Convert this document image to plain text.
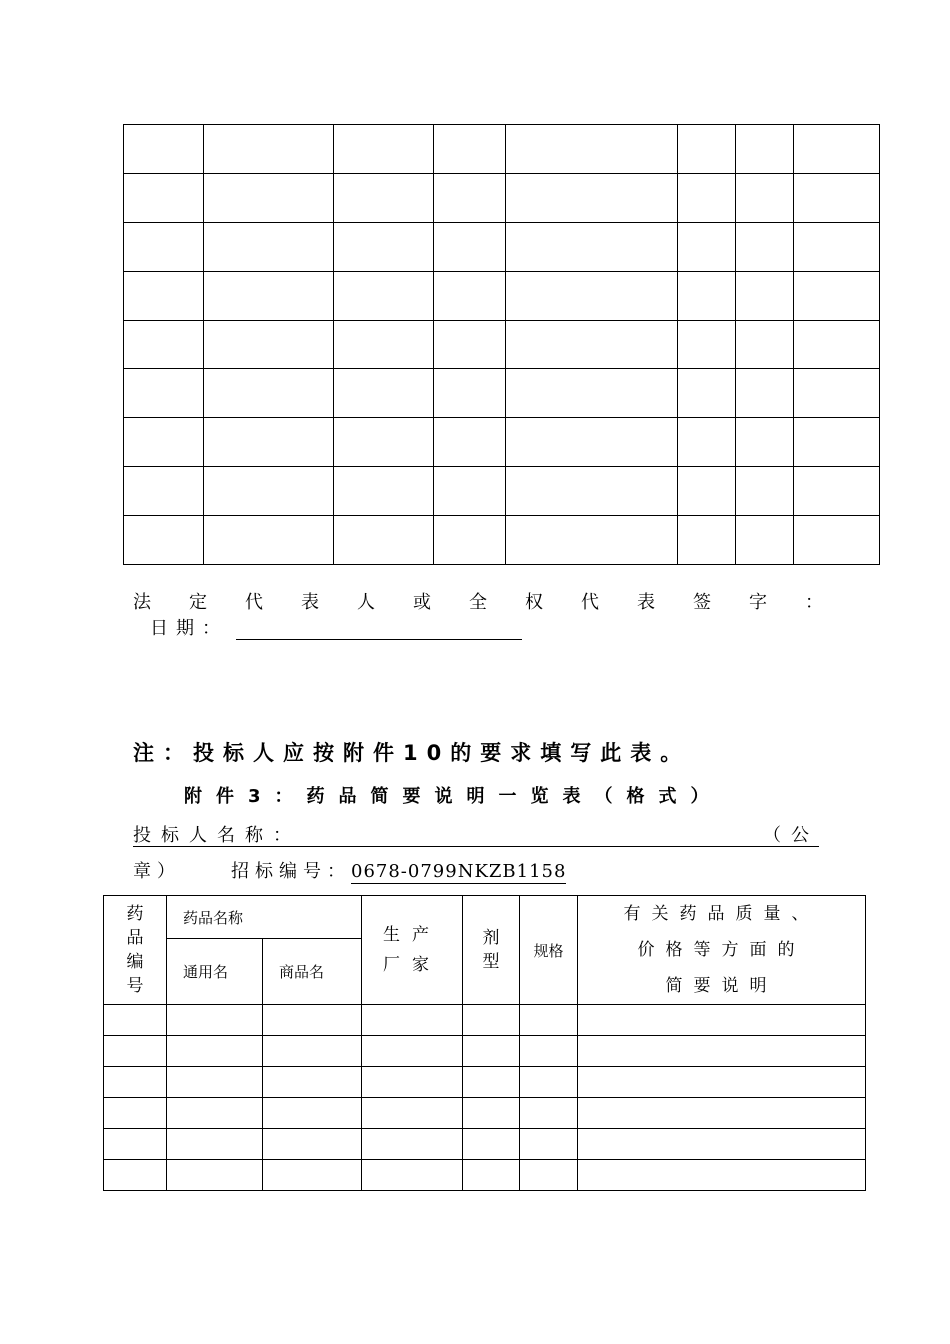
法 定 代 表 人 或 全 权 代 表 签 字 ：
日期：
注：投标人应按附件10的要求填写此表。
附件3：药品简要说明一览表（格式）
投标人名称：	（公
章）	招标编号： 0678-0799NKZB1158
药品编号	药品名称		生产厂家	剂型	规格	有关药品质量、
价格等方面的
简要说明

	通用名	商品名				
